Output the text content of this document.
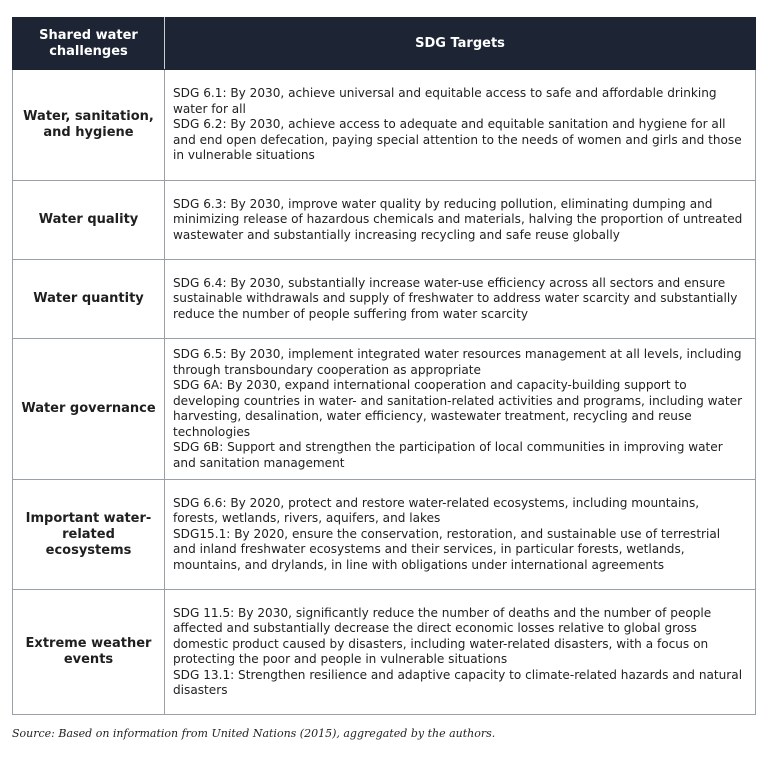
Shared water challenges	SDG Targets
Water, sanitation, and hygiene	SDG 6.1: By 2030, achieve universal and equitable access to safe and affordable drinking water for all

SDG 6.2: By 2030, achieve access to adequate and equitable sanitation and hygiene for all and end open defecation, paying special attention to the needs of women and girls and those in vulnerable situations

Water quality	SDG 6.3: By 2030, improve water quality by reducing pollution, eliminating dumping and minimizing release of hazardous chemicals and materials, halving the proportion of untreated wastewater and substantially increasing recycling and safe reuse globally

Water quantity	SDG 6.4: By 2030, substantially increase water-use efficiency across all sectors and ensure sustainable withdrawals and supply of freshwater to address water scarcity and substantially reduce the number of people suffering from water scarcity

Water governance	SDG 6.5: By 2030, implement integrated water resources management at all levels, including through transboundary cooperation as appropriate

SDG 6A: By 2030, expand international cooperation and capacity-building support to developing countries in water- and sanitation-related activities and programs, including water harvesting, desalination, water efficiency, wastewater treatment, recycling and reuse technologies

SDG 6B: Support and strengthen the participation of local communities in improving water and sanitation management

Important water-related ecosystems	SDG 6.6: By 2020, protect and restore water-related ecosystems, including mountains, forests, wetlands, rivers, aquifers, and lakes

SDG15.1: By 2020, ensure the conservation, restoration, and sustainable use of terrestrial and inland freshwater ecosystems and their services, in particular forests, wetlands, mountains, and drylands, in line with obligations under international agreements

Extreme weather events	SDG 11.5: By 2030, significantly reduce the number of deaths and the number of people affected and substantially decrease the direct economic losses relative to global gross domestic product caused by disasters, including water-related disasters, with a focus on protecting the poor and people in vulnerable situations

SDG 13.1: Strengthen resilience and adaptive capacity to climate-related hazards and natural disasters

Source: Based on information from United Nations (2015), aggregated by the authors.
